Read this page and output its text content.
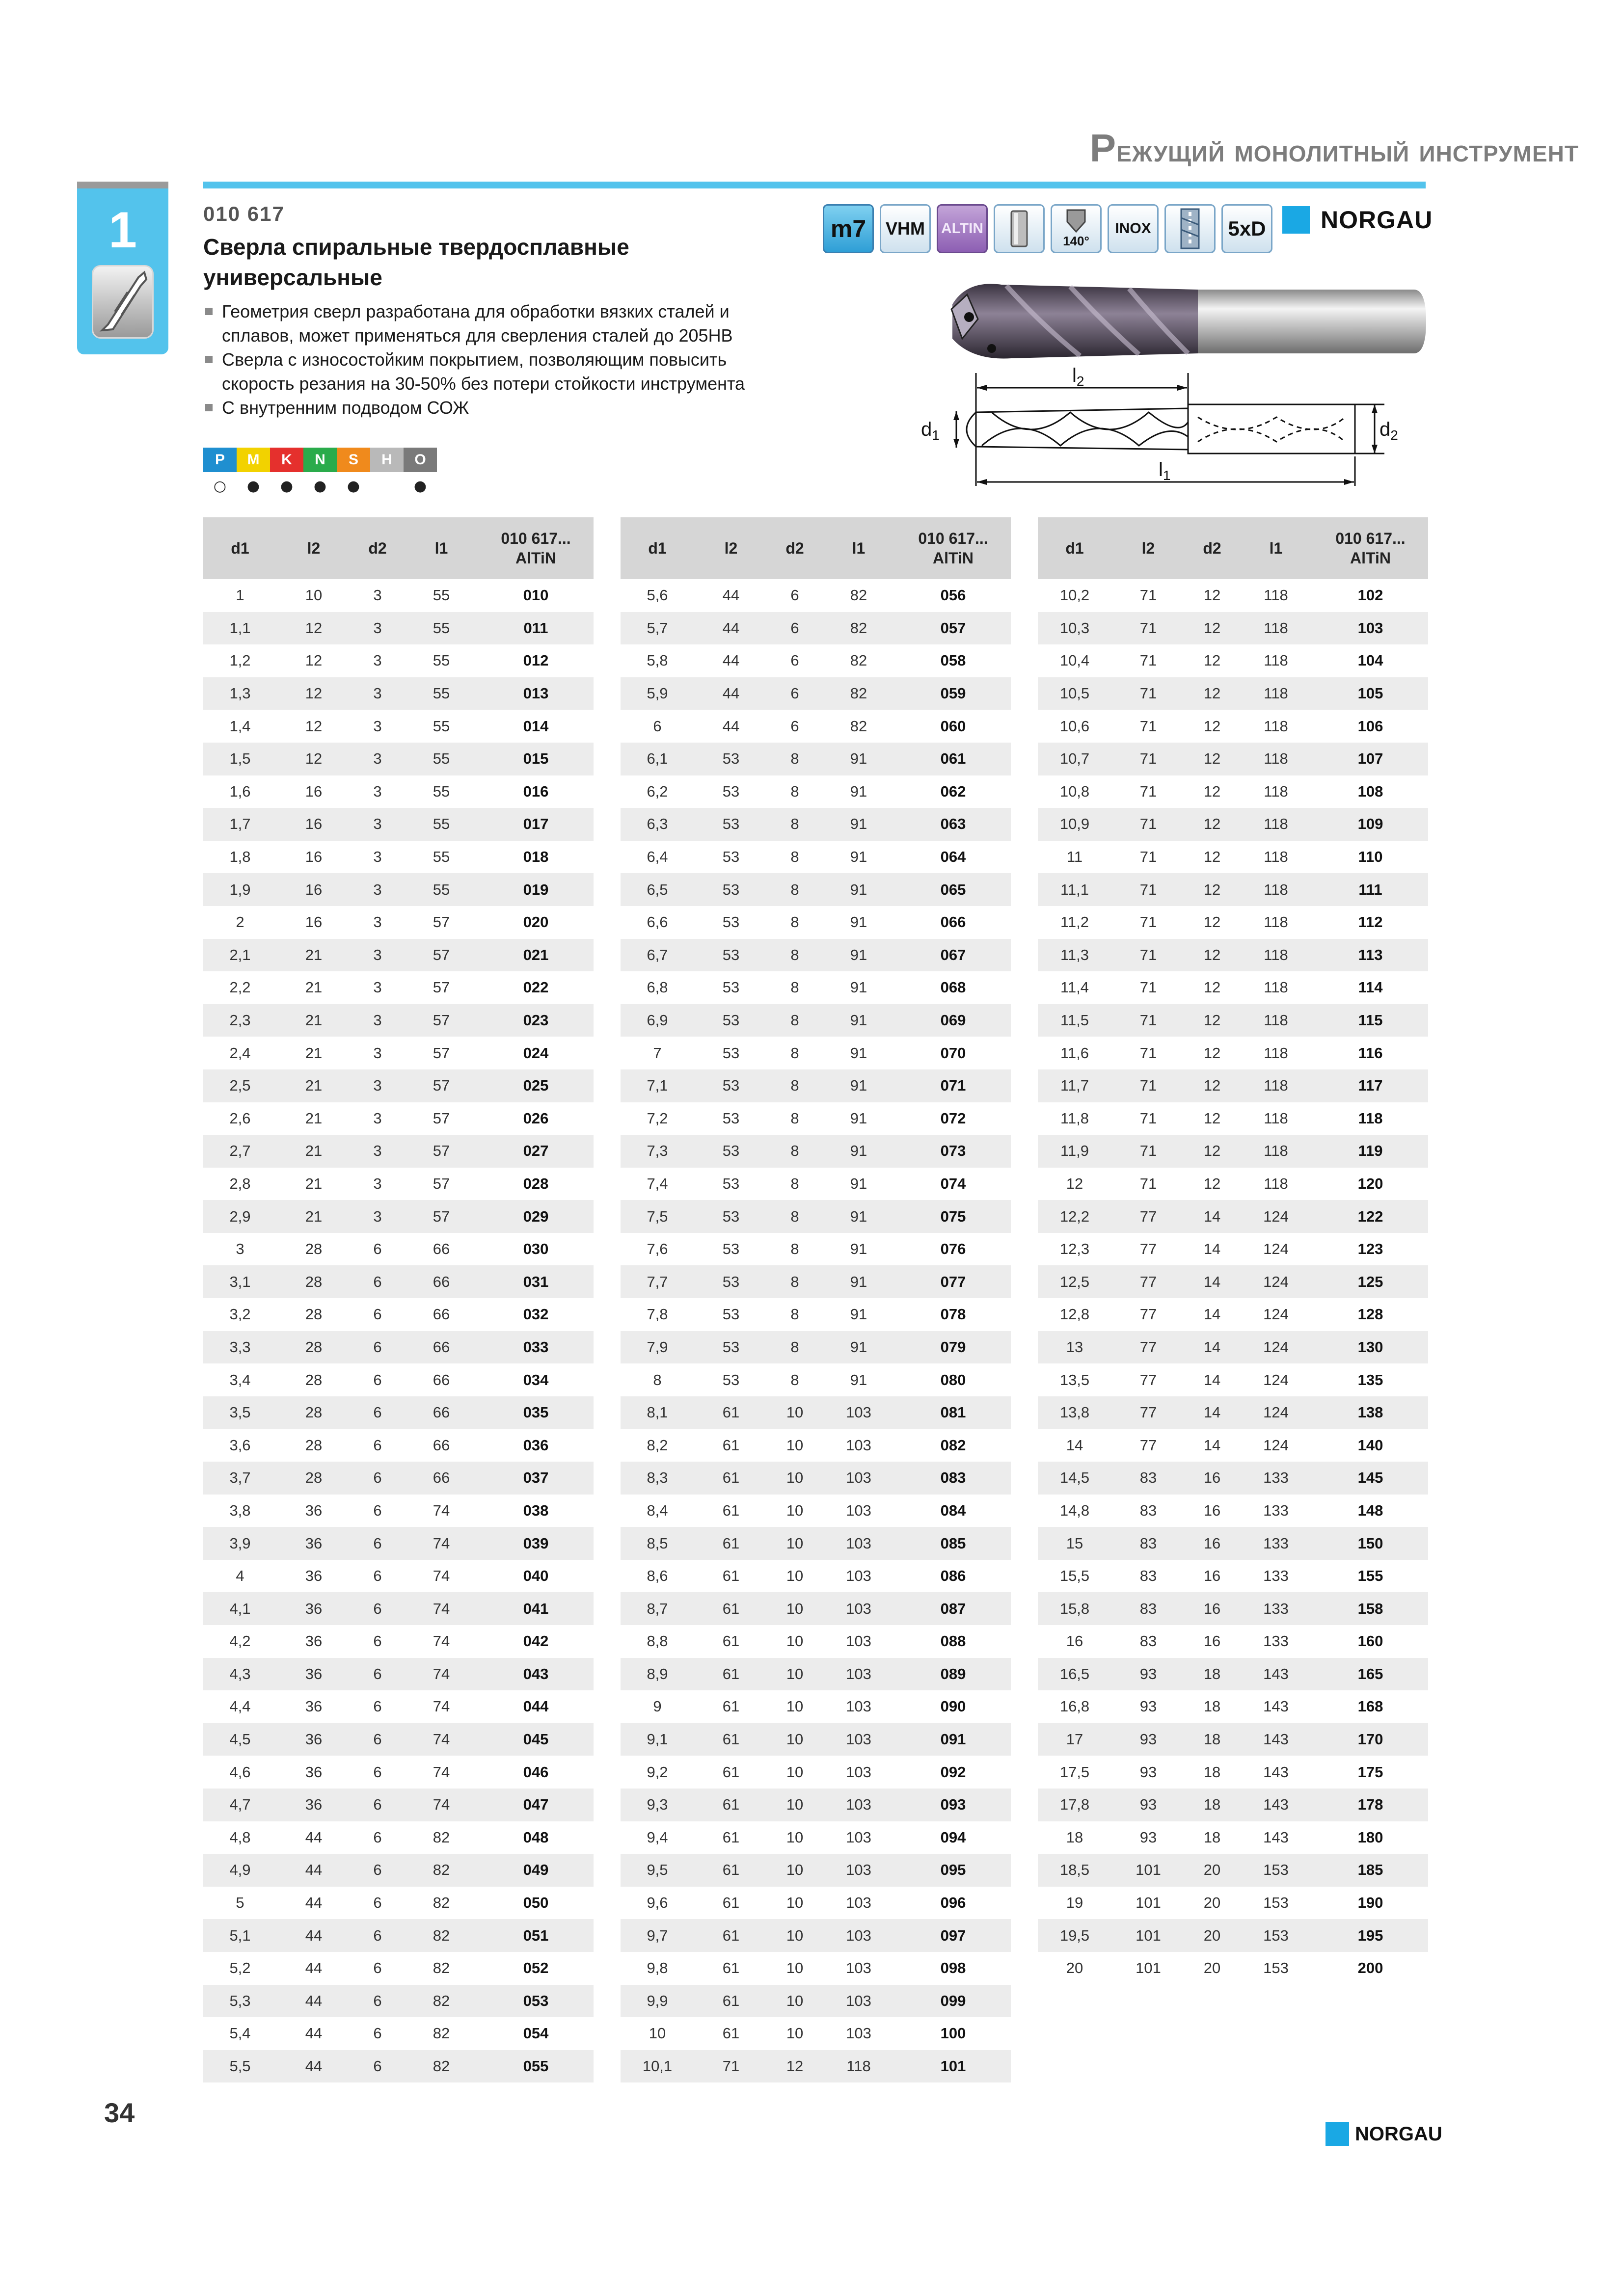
Режущий монолитный инструмент
1	010 617
Сверла спиральные твердосплавные
универсальные
Геометрия сверл разработана для обработки вязких сталей и
сплавов, может применяться для сверления сталей до 205HB
Сверла с износостойким покрытием, позволяющим повысить
скорость резания на 30-50% без потери стойкости инструмента
С внутренним подводом СОЖ
m7	VHM	ALTIN
140°
INOX	5xD NORGAU
$l_2$
$l_1$
$d_1$	$d_2$
P	M	K	N	S	H	O
○	●	●	●	●	●
d1	l2	d2	l1	010 617...
AlTiN
1	10	3	55	010
1,1	12	3	55	011
1,2	12	3	55	012
1,3	12	3	55	013
1,4	12	3	55	014
1,5	12	3	55	015
1,6	16	3	55	016
1,7	16	3	55	017
1,8	16	3	55	018
1,9	16	3	55	019
2	16	3	57	020
2,1	21	3	57	021
2,2	21	3	57	022
2,3	21	3	57	023
2,4	21	3	57	024
2,5	21	3	57	025
2,6	21	3	57	026
2,7	21	3	57	027
2,8	21	3	57	028
2,9	21	3	57	029
3	28	6	66	030
3,1	28	6	66	031
3,2	28	6	66	032
3,3	28	6	66	033
3,4	28	6	66	034
3,5	28	6	66	035
3,6	28	6	66	036
3,7	28	6	66	037
3,8	36	6	74	038
3,9	36	6	74	039
4	36	6	74	040
4,1	36	6	74	041
4,2	36	6	74	042
4,3	36	6	74	043
4,4	36	6	74	044
4,5	36	6	74	045
4,6	36	6	74	046
4,7	36	6	74	047
4,8	44	6	82	048
4,9	44	6	82	049
5	44	6	82	050
5,1	44	6	82	051
5,2	44	6	82	052
5,3	44	6	82	053
5,4	44	6	82	054
5,5	44	6	82	055
d1	l2	d2	l1	010 617...
AlTiN
5,6	44	6	82	056
5,7	44	6	82	057
5,8	44	6	82	058
5,9	44	6	82	059
6	44	6	82	060
6,1	53	8	91	061
6,2	53	8	91	062
6,3	53	8	91	063
6,4	53	8	91	064
6,5	53	8	91	065
6,6	53	8	91	066
6,7	53	8	91	067
6,8	53	8	91	068
6,9	53	8	91	069
7	53	8	91	070
7,1	53	8	91	071
7,2	53	8	91	072
7,3	53	8	91	073
7,4	53	8	91	074
7,5	53	8	91	075
7,6	53	8	91	076
7,7	53	8	91	077
7,8	53	8	91	078
7,9	53	8	91	079
8	53	8	91	080
8,1	61	10	103	081
8,2	61	10	103	082
8,3	61	10	103	083
8,4	61	10	103	084
8,5	61	10	103	085
8,6	61	10	103	086
8,7	61	10	103	087
8,8	61	10	103	088
8,9	61	10	103	089
9	61	10	103	090
9,1	61	10	103	091
9,2	61	10	103	092
9,3	61	10	103	093
9,4	61	10	103	094
9,5	61	10	103	095
9,6	61	10	103	096
9,7	61	10	103	097
9,8	61	10	103	098
9,9	61	10	103	099
10	61	10	103	100
10,1	71	12	118	101
d1	l2	d2	l1	010 617...
AlTiN
10,2	71	12	118	102
10,3	71	12	118	103
10,4	71	12	118	104
10,5	71	12	118	105
10,6	71	12	118	106
10,7	71	12	118	107
10,8	71	12	118	108
10,9	71	12	118	109
11	71	12	118	110
11,1	71	12	118	111
11,2	71	12	118	112
11,3	71	12	118	113
11,4	71	12	118	114
11,5	71	12	118	115
11,6	71	12	118	116
11,7	71	12	118	117
11,8	71	12	118	118
11,9	71	12	118	119
12	71	12	118	120
12,2	77	14	124	122
12,3	77	14	124	123
12,5	77	14	124	125
12,8	77	14	124	128
13	77	14	124	130
13,5	77	14	124	135
13,8	77	14	124	138
14	77	14	124	140
14,5	83	16	133	145
14,8	83	16	133	148
15	83	16	133	150
15,5	83	16	133	155
15,8	83	16	133	158
16	83	16	133	160
16,5	93	18	143	165
16,8	93	18	143	168
17	93	18	143	170
17,5	93	18	143	175
17,8	93	18	143	178
18	93	18	143	180
18,5	101	20	153	185
19	101	20	153	190
19,5	101	20	153	195
20	101	20	153	200
34
NORGAU
